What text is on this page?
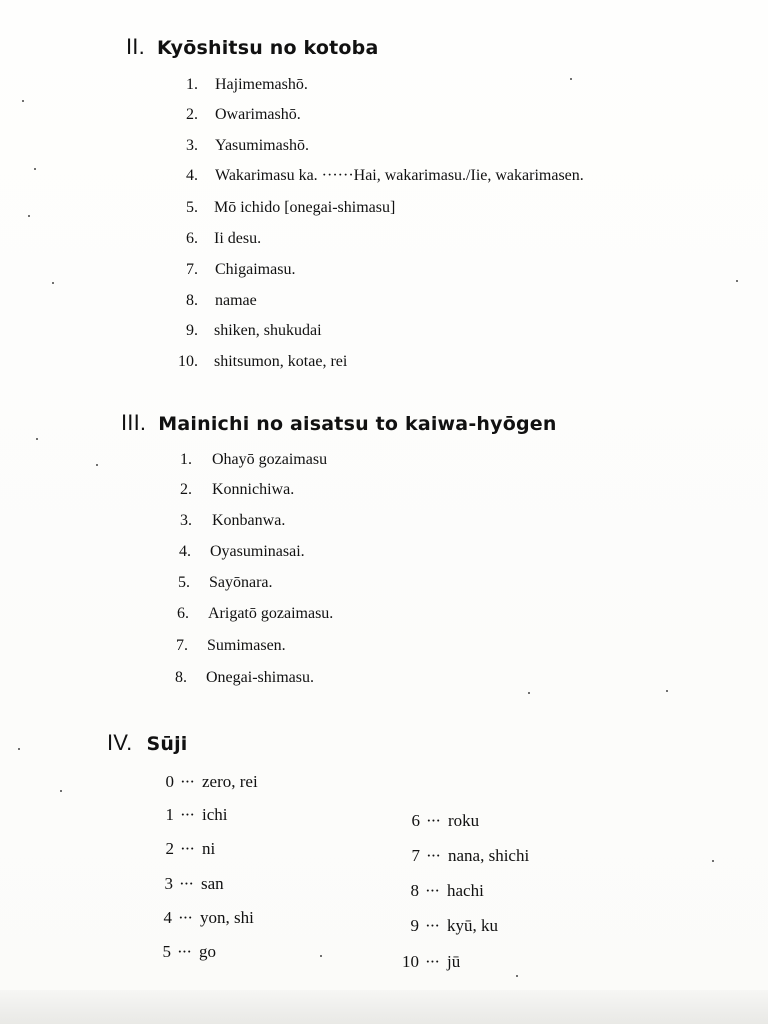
II. Kyōshitsu no kotoba
1. Hajimemashō.
2. Owarimashō.
3. Yasumimashō.
4. Wakarimasu ka. ······Hai, wakarimasu./Iie, wakarimasen.
5. Mō ichido [onegai-shimasu]
6. Ii desu.
7. Chigaimasu.
8. namae
9. shiken, shukudai
10. shitsumon, kotae, rei
III. Mainichi no aisatsu to kaiwa-hyōgen
1. Ohayō gozaimasu
2. Konnichiwa.
3. Konbanwa.
4. Oyasuminasai.
5. Sayōnara.
6. Arigatō gozaimasu.
7. Sumimasen.
8. Onegai-shimasu.
IV. Sūji
0 ··· zero, rei
1 ··· ichi
2 ··· ni
3 ··· san
4 ··· yon, shi
5 ··· go
6 ··· roku
7 ··· nana, shichi
8 ··· hachi
9 ··· kyū, ku
10 ··· jū
